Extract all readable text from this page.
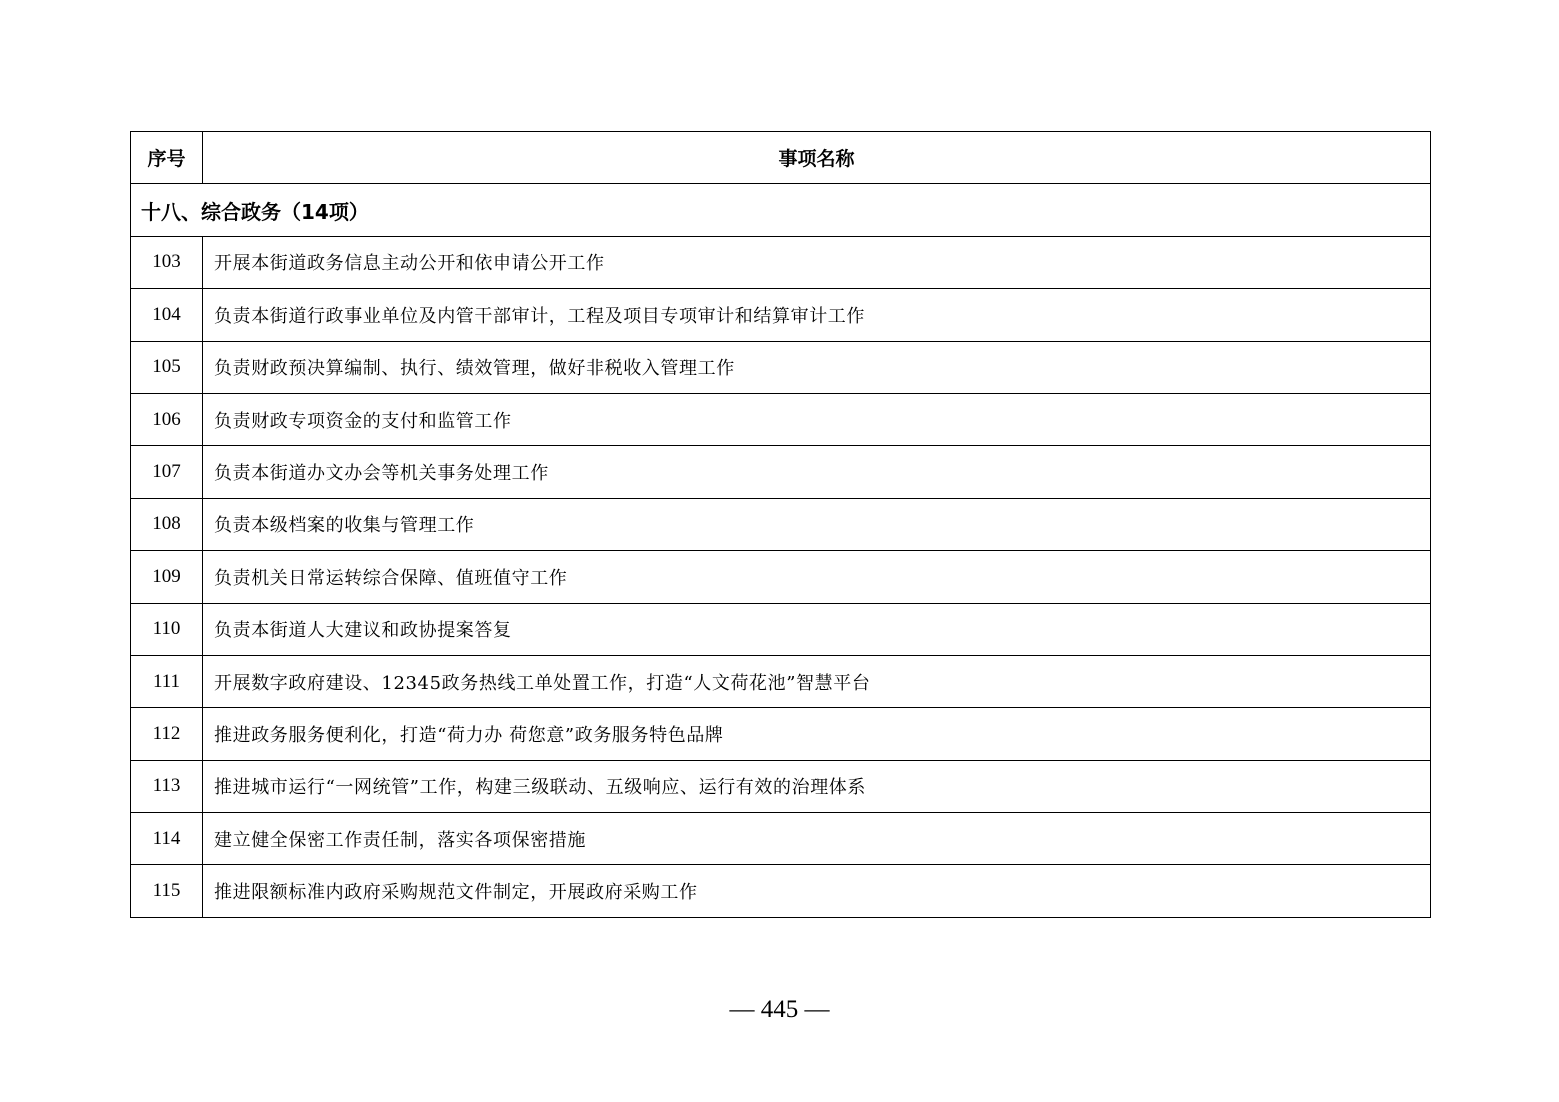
序号	事项名称
十八、综合政务（14项）	
103	开展本街道政务信息主动公开和依申请公开工作
104	负责本街道行政事业单位及内管干部审计，工程及项目专项审计和结算审计工作
105	负责财政预决算编制、执行、绩效管理，做好非税收入管理工作
106	负责财政专项资金的支付和监管工作
107	负责本街道办文办会等机关事务处理工作
108	负责本级档案的收集与管理工作
109	负责机关日常运转综合保障、值班值守工作
110	负责本街道人大建议和政协提案答复
111	开展数字政府建设、12345政务热线工单处置工作，打造“人文荷花池”智慧平台
112	推进政务服务便利化，打造“荷力办 荷您意”政务服务特色品牌
113	推进城市运行“一网统管”工作，构建三级联动、五级响应、运行有效的治理体系
114	建立健全保密工作责任制，落实各项保密措施
115	推进限额标准内政府采购规范文件制定，开展政府采购工作
— 445 —
